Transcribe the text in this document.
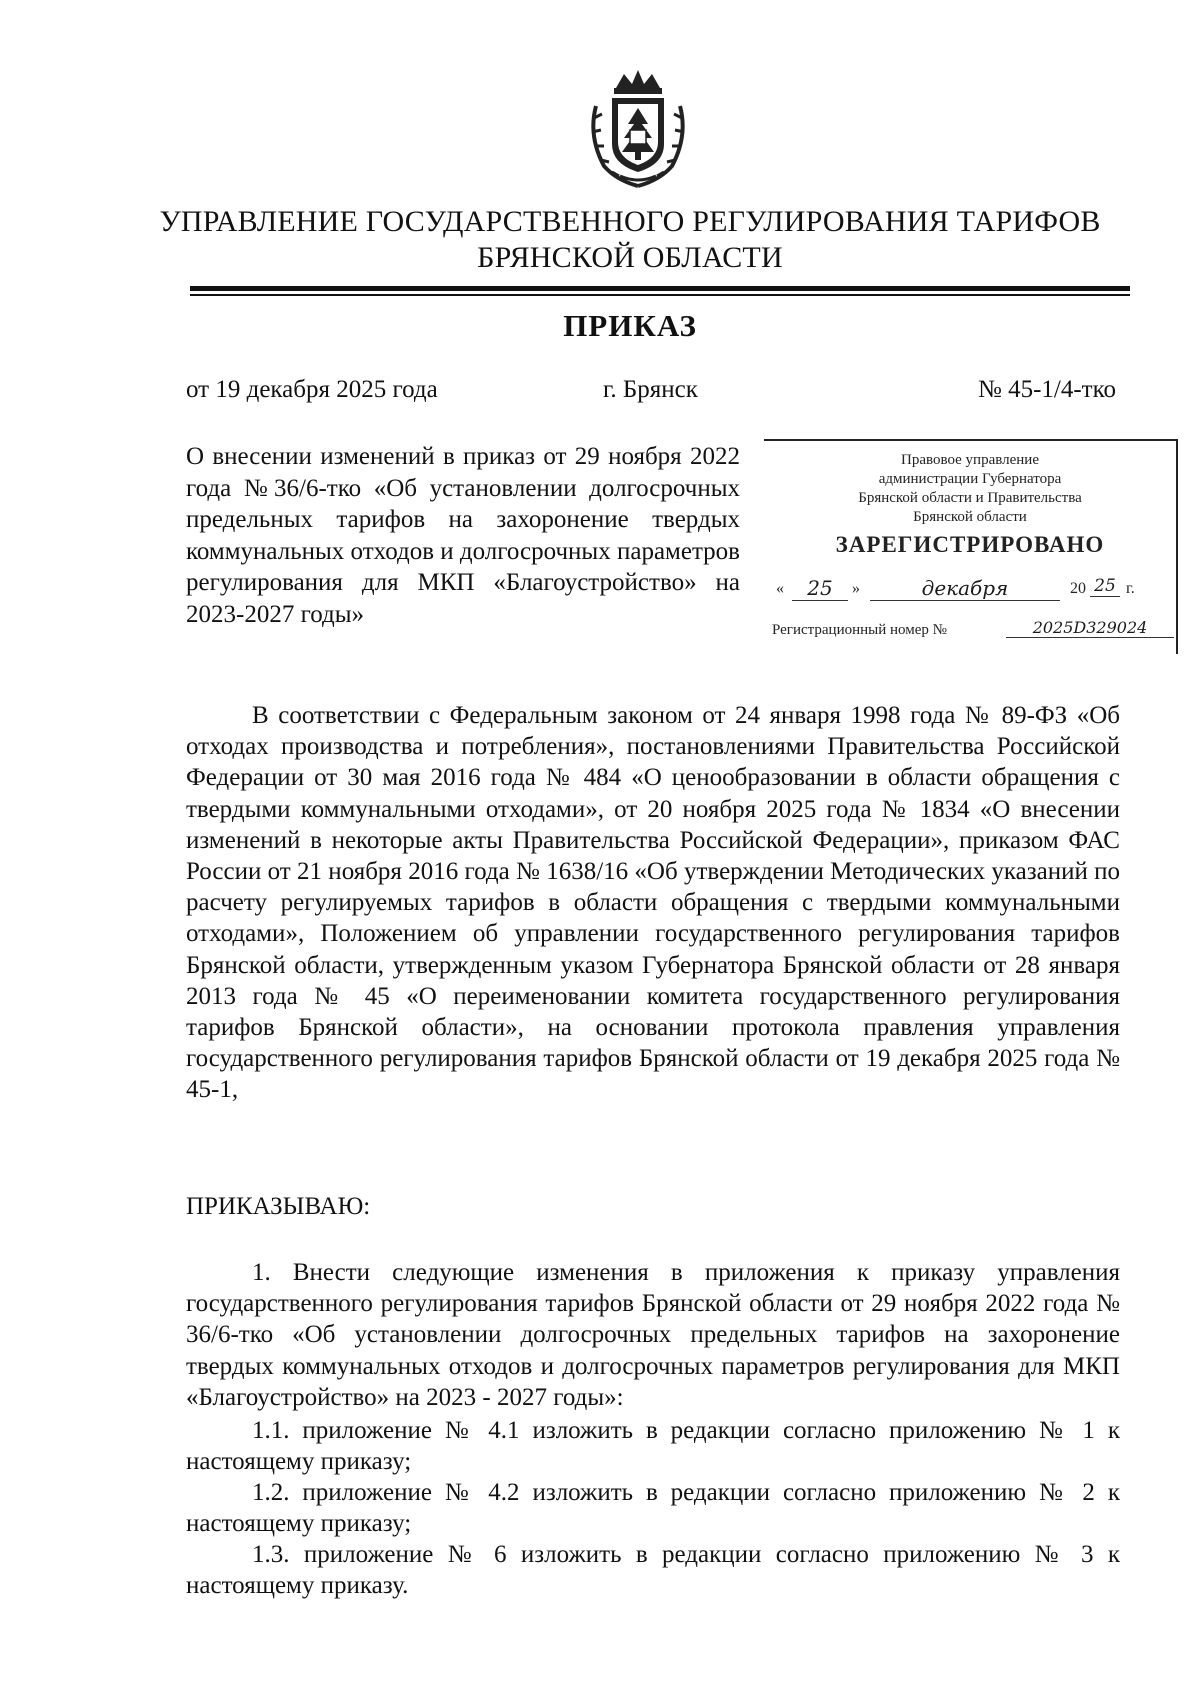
УПРАВЛЕНИЕ ГОСУДАРСТВЕННОГО РЕГУЛИРОВАНИЯ ТАРИФОВ
БРЯНСКОЙ ОБЛАСТИ
ПРИКАЗ
от 19 декабря 2025 года	г. Брянск	№ 45-1/4-тко
О внесении изменений в приказ от 29 ноября 2022 года №36/6-тко «Об установлении долгосрочных предельных тарифов на захоронение твердых коммунальных отходов и долгосрочных параметров регулирования для МКП «Благоустройство» на 2023-2027 годы»
Правовое управление
администрации Губернатора
Брянской области и Правительства
Брянской области
ЗАРЕГИСТРИРОВАНО
«	25	»	декабря	20 25 г.
Регистрационный номер №	2025D329024
В соответствии с Федеральным законом от 24 января 1998 года № 89-ФЗ «Об отходах производства и потребления», постановлениями Правительства Российской Федерации от 30 мая 2016 года № 484 «О ценообразовании в области обращения с твердыми коммунальными отходами», от 20 ноября 2025 года № 1834 «О внесении изменений в некоторые акты Правительства Российской Федерации», приказом ФАС России от 21 ноября 2016 года № 1638/16 «Об утверждении Методических указаний по расчету регулируемых тарифов в области обращения с твердыми коммунальными отходами», Положением об управлении государственного регулирования тарифов Брянской области, утвержденным указом Губернатора Брянской области от 28 января 2013 года № 45 «О переименовании комитета государственного регулирования тарифов Брянской области», на основании протокола правления управления государственного регулирования тарифов Брянской области от 19 декабря 2025 года № 45-1,
ПРИКАЗЫВАЮ:
1. Внести следующие изменения в приложения к приказу управления государственного регулирования тарифов Брянской области от 29 ноября 2022 года № 36/6-тко «Об установлении долгосрочных предельных тарифов на захоронение твердых коммунальных отходов и долгосрочных параметров регулирования для МКП «Благоустройство» на 2023 - 2027 годы»:
1.1. приложение № 4.1 изложить в редакции согласно приложению № 1 к настоящему приказу;
1.2. приложение № 4.2 изложить в редакции согласно приложению № 2 к настоящему приказу;
1.3. приложение № 6 изложить в редакции согласно приложению № 3 к настоящему приказу.
